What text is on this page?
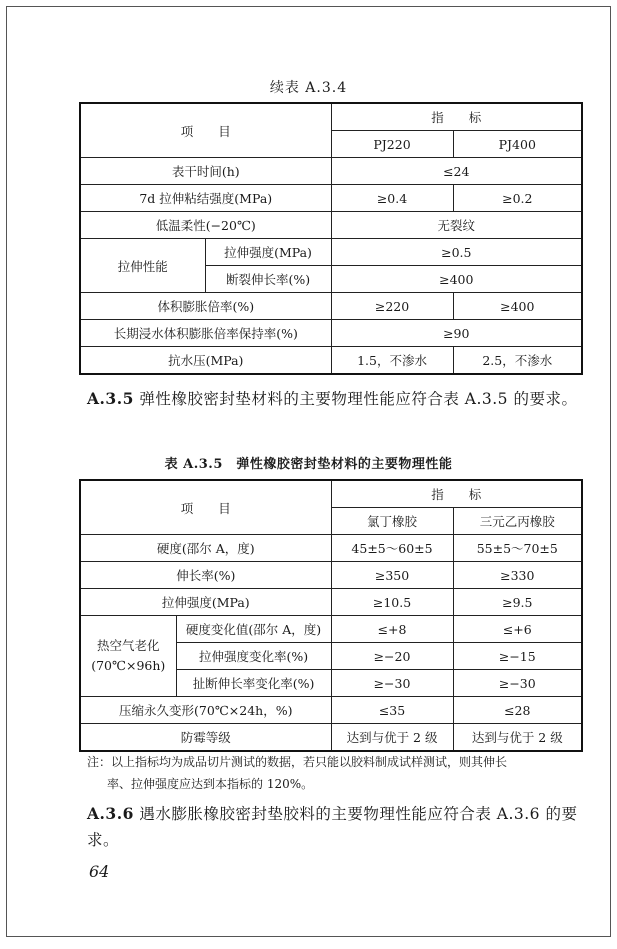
续表 A.3.4
项　　目		指　　标	
		PJ220	PJ400
表干时间(h)		≤24	
7d 拉伸粘结强度(MPa)		≥0.4	≥0.2
低温柔性(−20℃)		无裂纹	
拉伸性能	拉伸强度(MPa)	≥0.5	
	断裂伸长率(%)	≥400	
体积膨胀倍率(%)		≥220	≥400
长期浸水体积膨胀倍率保持率(%)		≥90	
抗水压(MPa)		1.5，不渗水	2.5，不渗水
A.3.5 弹性橡胶密封垫材料的主要物理性能应符合表 A.3.5 的要求。
表 A.3.5　弹性橡胶密封垫材料的主要物理性能
项　　目		指　　标	
		氯丁橡胶	三元乙丙橡胶
硬度(邵尔 A，度)		45±5～60±5	55±5～70±5
伸长率(%)		≥350	≥330
拉伸强度(MPa)		≥10.5	≥9.5
热空气老化
(70℃×96h)	硬度变化值(邵尔 A，度)	≤+8	≤+6
	拉伸强度变化率(%)	≥−20	≥−15
	扯断伸长率变化率(%)	≥−30	≥−30
压缩永久变形(70℃×24h，%)		≤35	≤28
防霉等级		达到与优于 2 级	达到与优于 2 级
注：以上指标均为成品切片测试的数据，若只能以胶料制成试样测试，则其伸长
率、拉伸强度应达到本指标的 120%。
A.3.6 遇水膨胀橡胶密封垫胶料的主要物理性能应符合表 A.3.6 的要求。
64
